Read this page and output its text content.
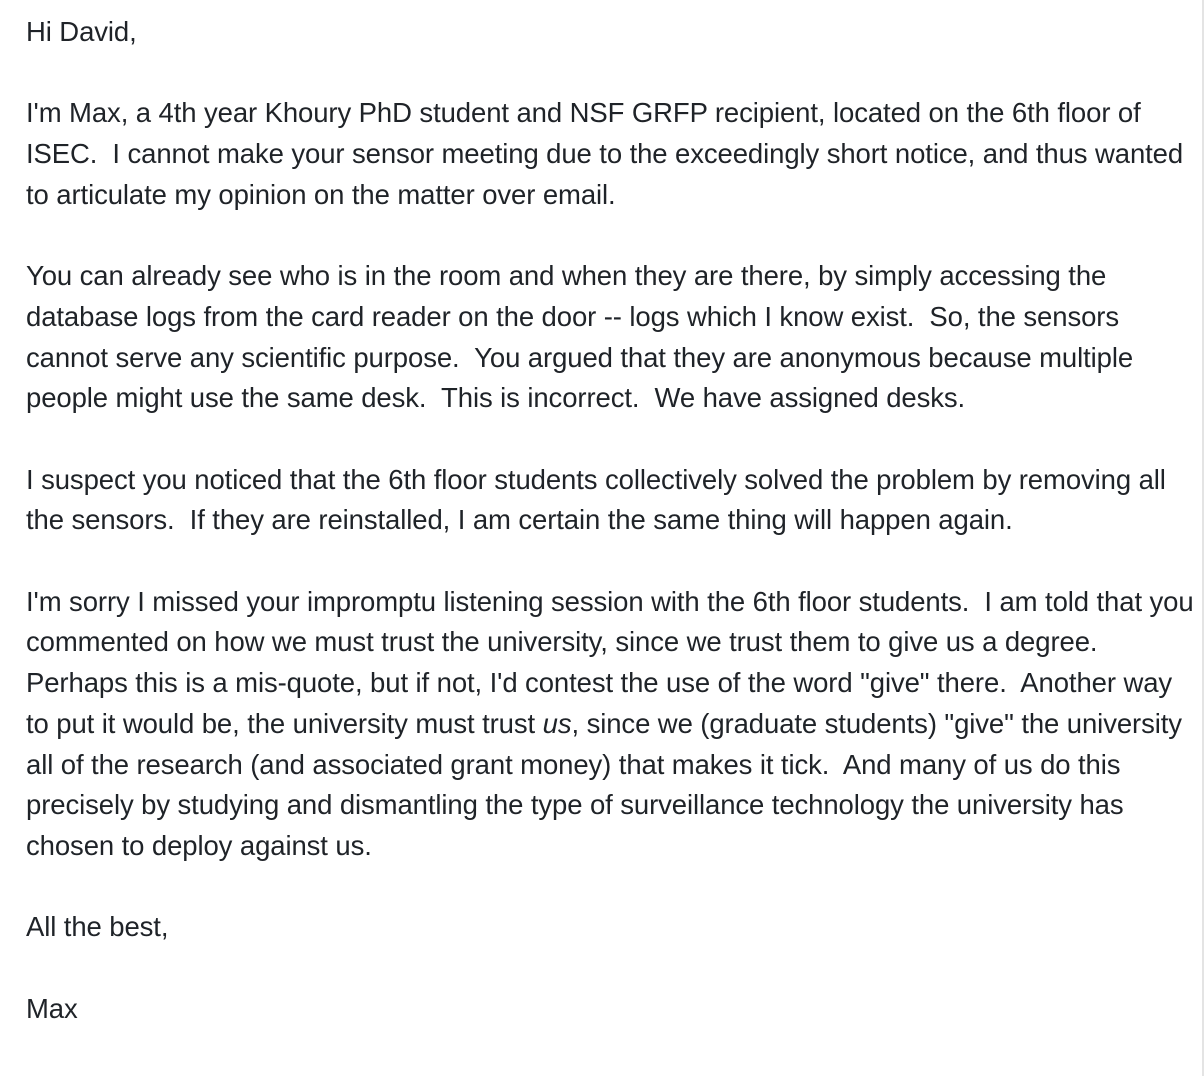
Hi David,

I'm Max, a 4th year Khoury PhD student and NSF GRFP recipient, located on the 6th floor of ISEC.  I cannot make your sensor meeting due to the exceedingly short notice, and thus wanted to articulate my opinion on the matter over email.

You can already see who is in the room and when they are there, by simply accessing the database logs from the card reader on the door -- logs which I know exist.  So, the sensors cannot serve any scientific purpose.  You argued that they are anonymous because multiple people might use the same desk.  This is incorrect.  We have assigned desks.

I suspect you noticed that the 6th floor students collectively solved the problem by removing all the sensors.  If they are reinstalled, I am certain the same thing will happen again.

I'm sorry I missed your impromptu listening session with the 6th floor students.  I am told that you commented on how we must trust the university, since we trust them to give us a degree.  Perhaps this is a mis-quote, but if not, I'd contest the use of the word "give" there.  Another way to put it would be, the university must trust us, since we (graduate students) "give" the university all of the research (and associated grant money) that makes it tick.  And many of us do this precisely by studying and dismantling the type of surveillance technology the university has chosen to deploy against us.

All the best,

Max
